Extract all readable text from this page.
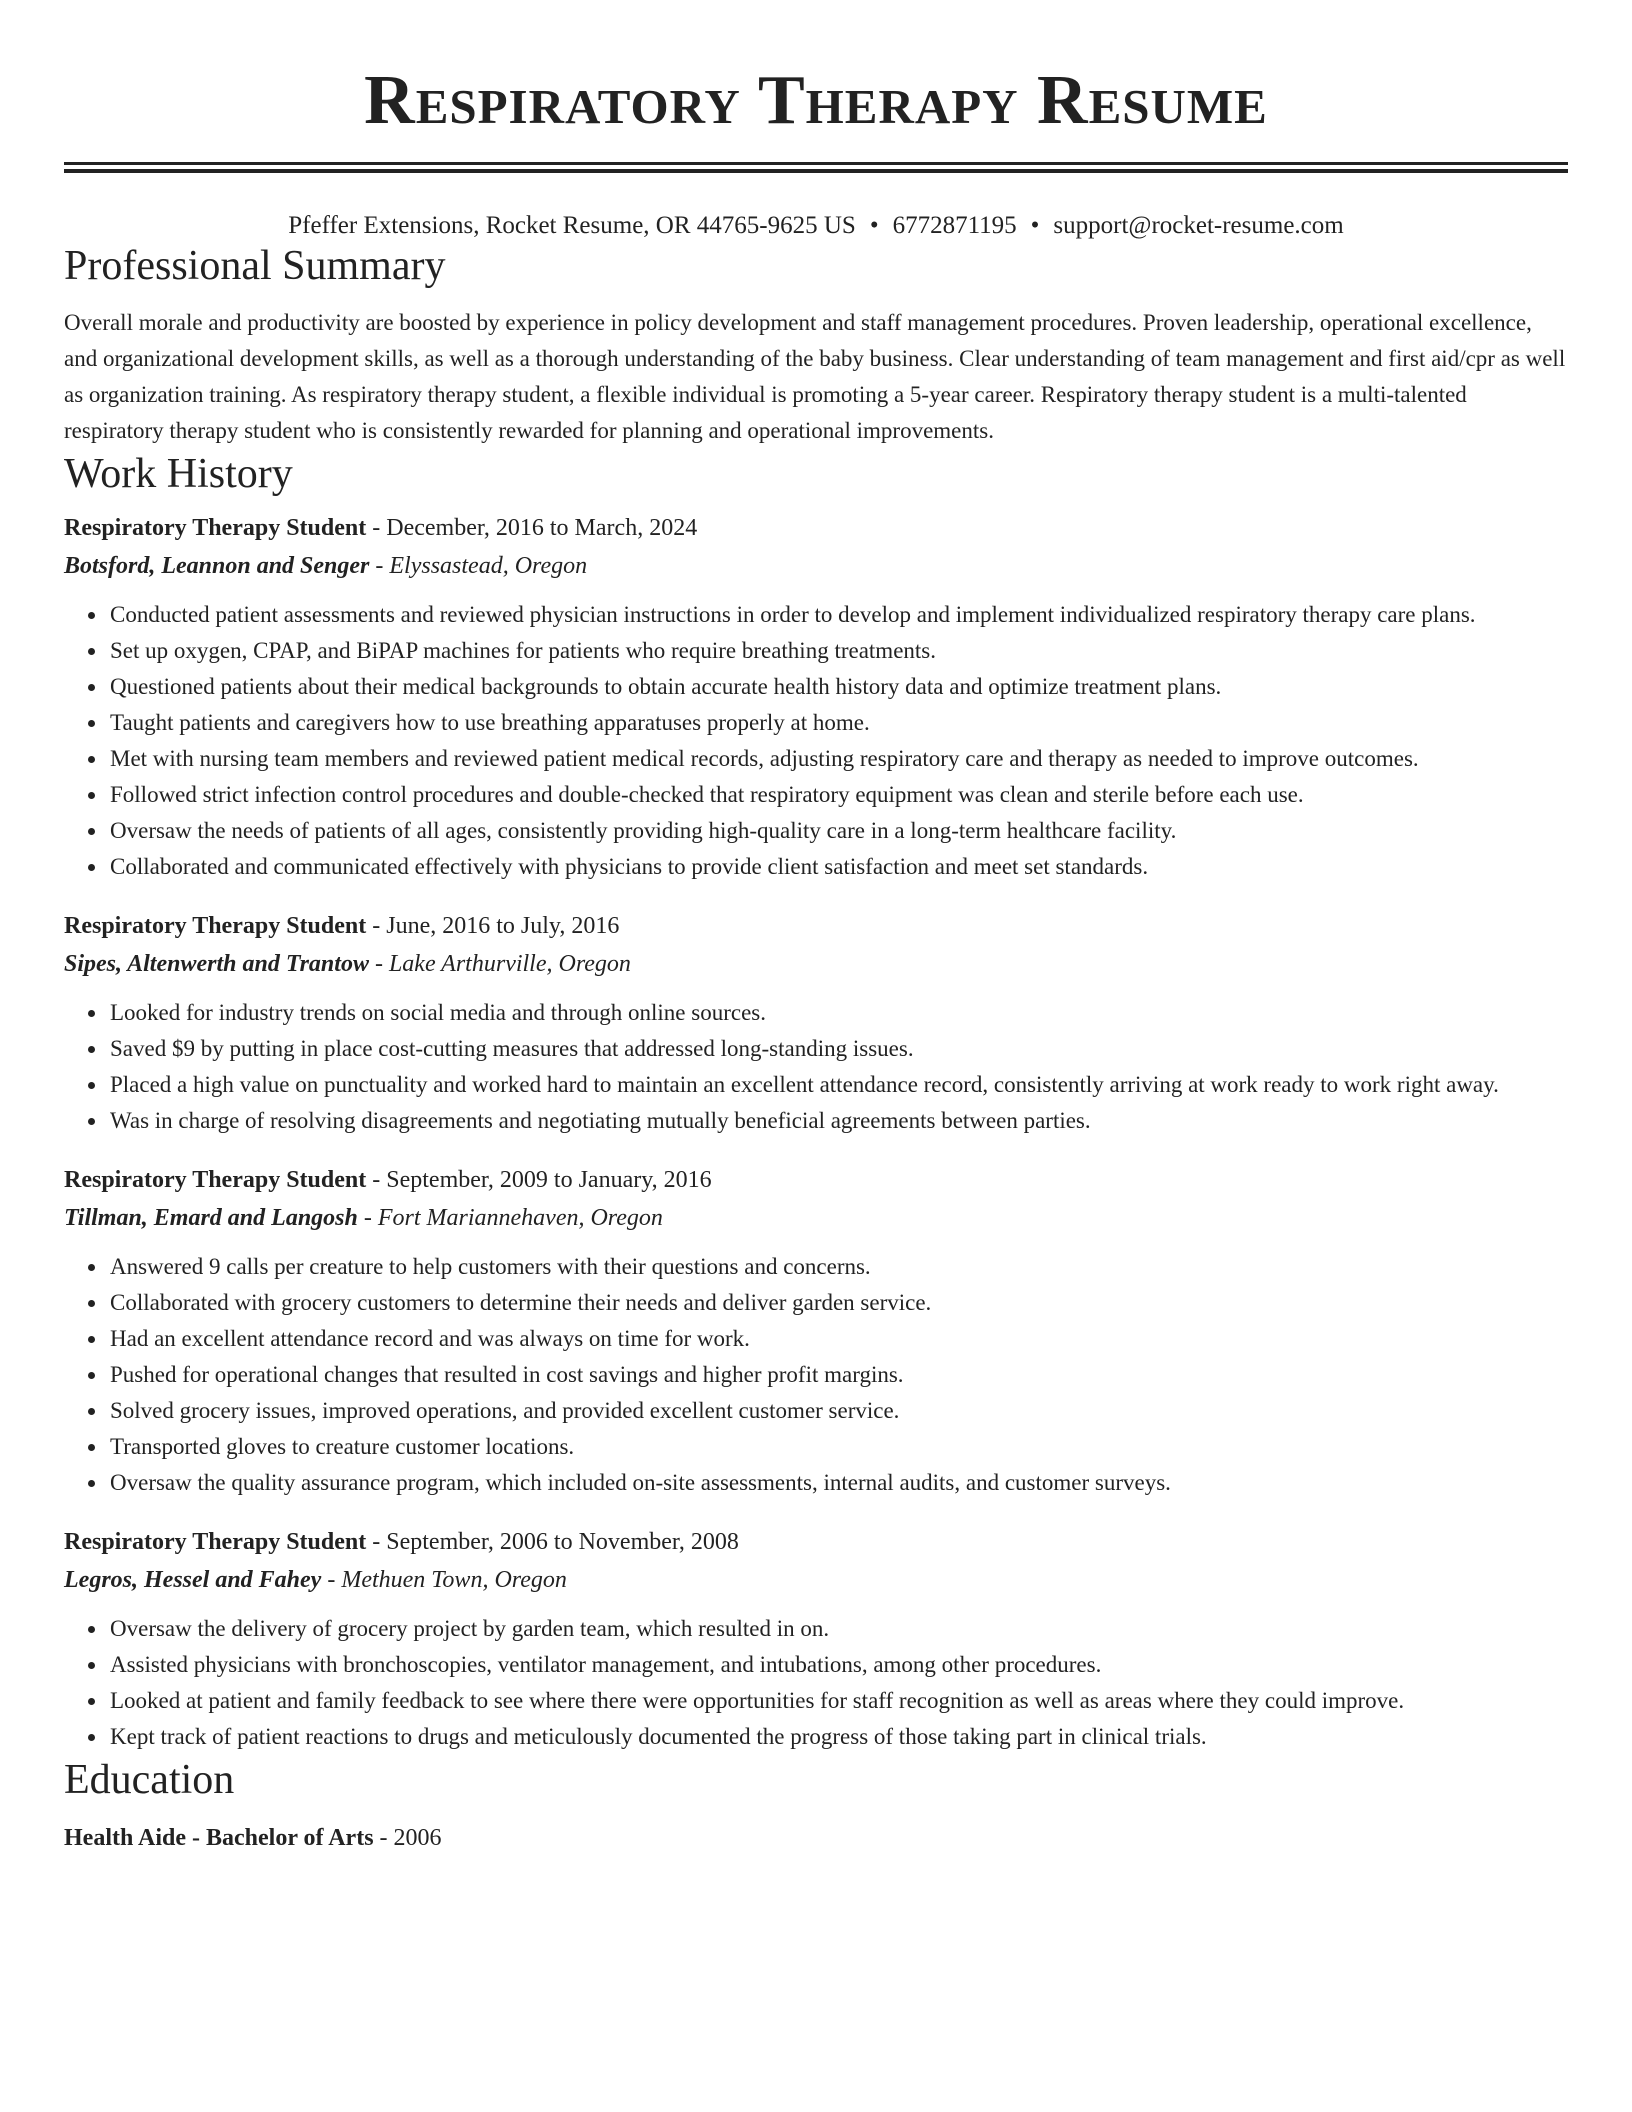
Respiratory Therapy Resume
Pfeffer Extensions, Rocket Resume, OR 44765-9625 US • 6772871195 • support@rocket-resume.com
Professional Summary
Overall morale and productivity are boosted by experience in policy development and staff management procedures. Proven leadership, operational excellence, and organizational development skills, as well as a thorough understanding of the baby business. Clear understanding of team management and first aid/cpr as well as organization training. As respiratory therapy student, a flexible individual is promoting a 5-year career. Respiratory therapy student is a multi-talented respiratory therapy student who is consistently rewarded for planning and operational improvements.
Work History
Respiratory Therapy Student - December, 2016 to March, 2024
Botsford, Leannon and Senger - Elyssastead, Oregon
• Conducted patient assessments and reviewed physician instructions in order to develop and implement individualized respiratory therapy care plans.
• Set up oxygen, CPAP, and BiPAP machines for patients who require breathing treatments.
• Questioned patients about their medical backgrounds to obtain accurate health history data and optimize treatment plans.
• Taught patients and caregivers how to use breathing apparatuses properly at home.
• Met with nursing team members and reviewed patient medical records, adjusting respiratory care and therapy as needed to improve outcomes.
• Followed strict infection control procedures and double-checked that respiratory equipment was clean and sterile before each use.
• Oversaw the needs of patients of all ages, consistently providing high-quality care in a long-term healthcare facility.
• Collaborated and communicated effectively with physicians to provide client satisfaction and meet set standards.
Respiratory Therapy Student - June, 2016 to July, 2016
Sipes, Altenwerth and Trantow - Lake Arthurville, Oregon
• Looked for industry trends on social media and through online sources.
• Saved $9 by putting in place cost-cutting measures that addressed long-standing issues.
• Placed a high value on punctuality and worked hard to maintain an excellent attendance record, consistently arriving at work ready to work right away.
• Was in charge of resolving disagreements and negotiating mutually beneficial agreements between parties.
Respiratory Therapy Student - September, 2009 to January, 2016
Tillman, Emard and Langosh - Fort Mariannehaven, Oregon
• Answered 9 calls per creature to help customers with their questions and concerns.
• Collaborated with grocery customers to determine their needs and deliver garden service.
• Had an excellent attendance record and was always on time for work.
• Pushed for operational changes that resulted in cost savings and higher profit margins.
• Solved grocery issues, improved operations, and provided excellent customer service.
• Transported gloves to creature customer locations.
• Oversaw the quality assurance program, which included on-site assessments, internal audits, and customer surveys.
Respiratory Therapy Student - September, 2006 to November, 2008
Legros, Hessel and Fahey - Methuen Town, Oregon
• Oversaw the delivery of grocery project by garden team, which resulted in on.
• Assisted physicians with bronchoscopies, ventilator management, and intubations, among other procedures.
• Looked at patient and family feedback to see where there were opportunities for staff recognition as well as areas where they could improve.
• Kept track of patient reactions to drugs and meticulously documented the progress of those taking part in clinical trials.
Education
Health Aide - Bachelor of Arts - 2006
